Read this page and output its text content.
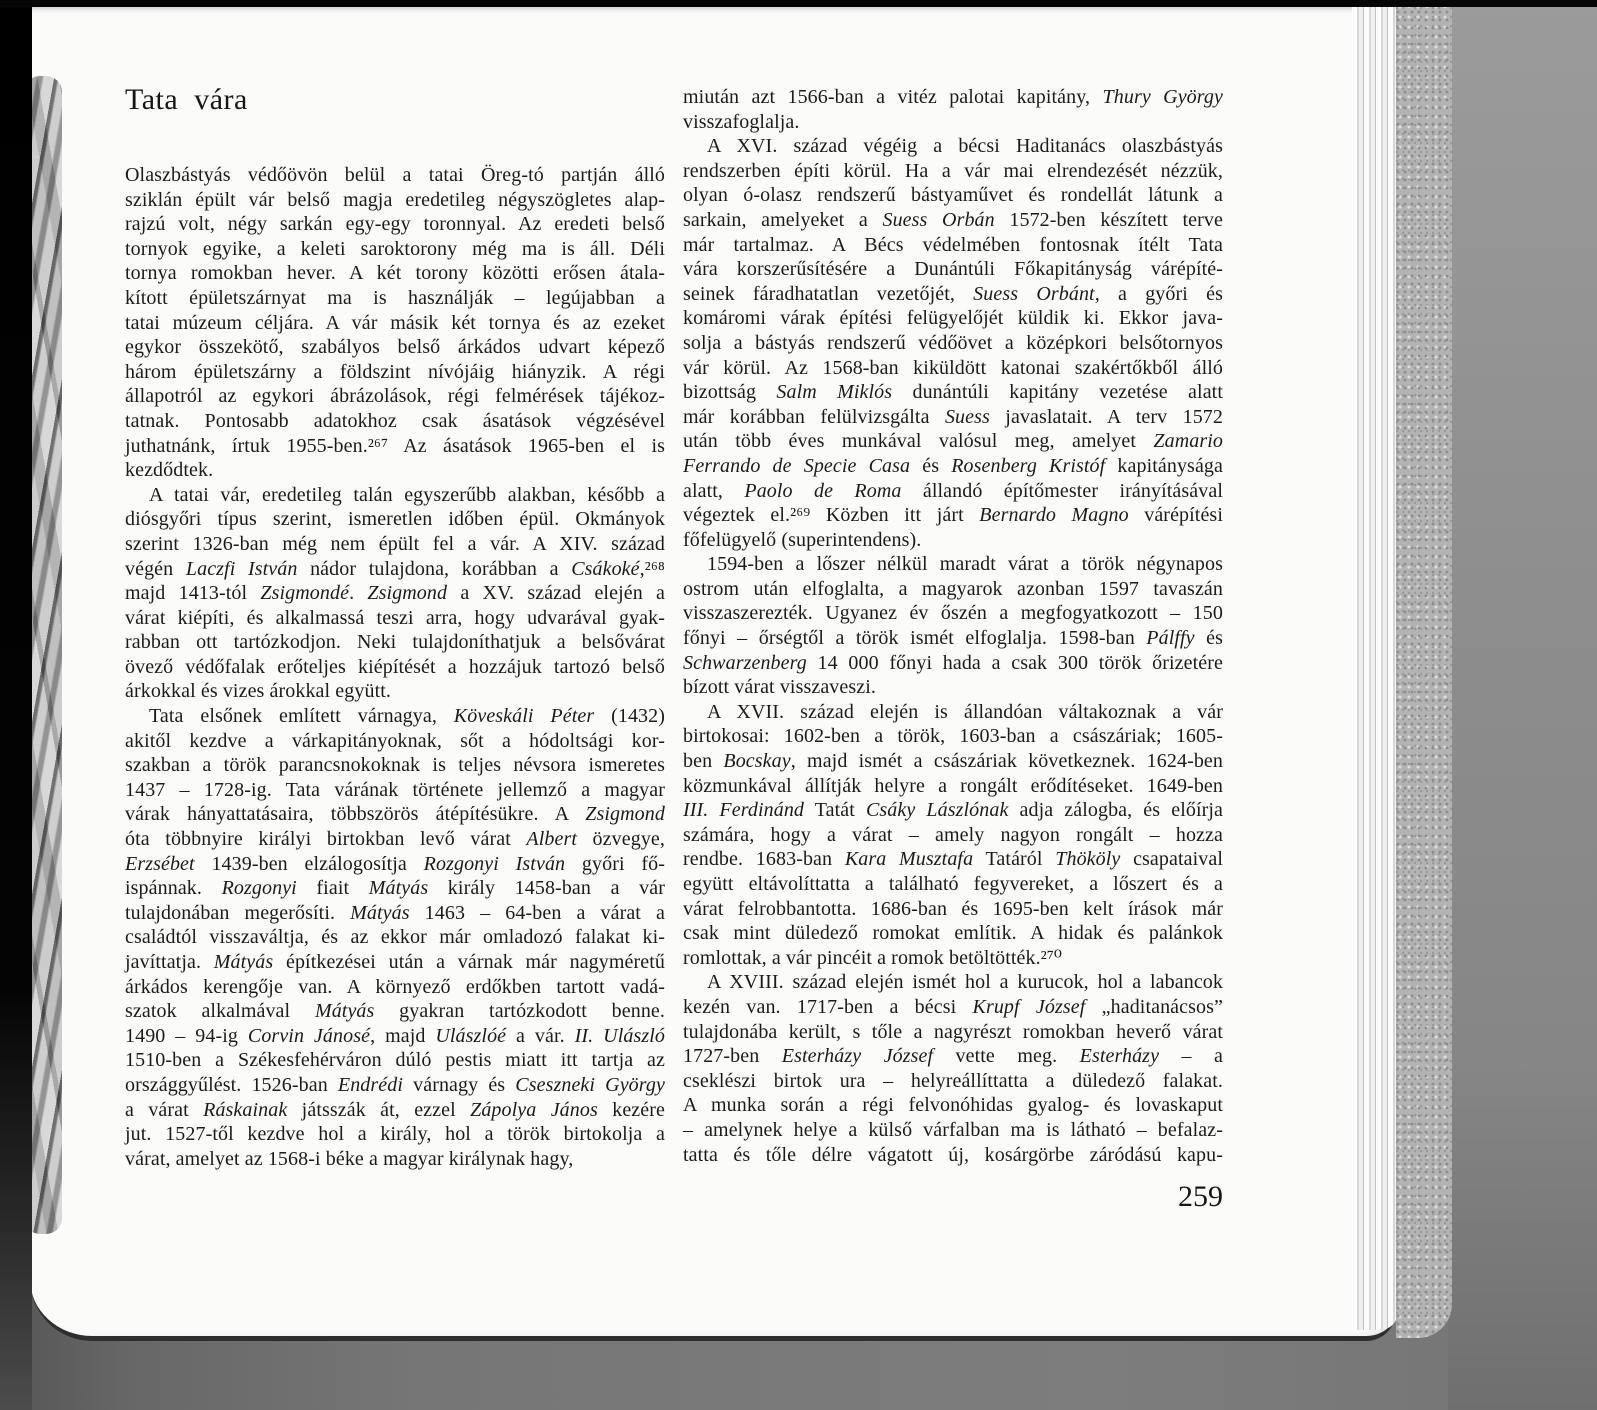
Tata vára
Olaszbástyás védőövön belül a tatai Öreg-tó partján álló
sziklán épült vár belső magja eredetileg négyszögletes alap-
rajzú volt, négy sarkán egy-egy toronnyal. Az eredeti belső
tornyok egyike, a keleti saroktorony még ma is áll. Déli
tornya romokban hever. A két torony közötti erősen átala-
kított épületszárnyat ma is használják – legújabban a
tatai múzeum céljára. A vár másik két tornya és az ezeket
egykor összekötő, szabályos belső árkádos udvart képező
három épületszárny a földszint nívójáig hiányzik. A régi
állapotról az egykori ábrázolások, régi felmérések tájékoz-
tatnak. Pontosabb adatokhoz csak ásatások végzésével
juthatnánk, írtuk 1955-ben.²⁶⁷ Az ásatások 1965-ben el is
kezdődtek.
A tatai vár, eredetileg talán egyszerűbb alakban, később a
diósgyőri típus szerint, ismeretlen időben épül. Okmányok
szerint 1326-ban még nem épült fel a vár. A XIV. század
végén Laczfi István nádor tulajdona, korábban a Csákoké,²⁶⁸
majd 1413-tól Zsigmondé. Zsigmond a XV. század elején a
várat kiépíti, és alkalmassá teszi arra, hogy udvarával gyak-
rabban ott tartózkodjon. Neki tulajdoníthatjuk a belsővárat
övező védőfalak erőteljes kiépítését a hozzájuk tartozó belső
árkokkal és vizes árokkal együtt.
Tata elsőnek említett várnagya, Köveskáli Péter (1432)
akitől kezdve a várkapitányoknak, sőt a hódoltsági kor-
szakban a török parancsnokoknak is teljes névsora ismeretes
1437 – 1728-ig. Tata várának története jellemző a magyar
várak hányattatásaira, többszörös átépítésükre. A Zsigmond
óta többnyire királyi birtokban levő várat Albert özvegye,
Erzsébet 1439-ben elzálogosítja Rozgonyi István győri fő-
ispánnak. Rozgonyi fiait Mátyás király 1458-ban a vár
tulajdonában megerősíti. Mátyás 1463 – 64-ben a várat a
családtól visszaváltja, és az ekkor már omladozó falakat ki-
javíttatja. Mátyás építkezései után a várnak már nagyméretű
árkádos kerengője van. A környező erdőkben tartott vadá-
szatok alkalmával Mátyás gyakran tartózkodott benne.
1490 – 94-ig Corvin Jánosé, majd Ulászlóé a vár. II. Ulászló
1510-ben a Székesfehérváron dúló pestis miatt itt tartja az
országgyűlést. 1526-ban Endrédi várnagy és Cseszneki György
a várat Ráskainak játsszák át, ezzel Zápolya János kezére
jut. 1527-től kezdve hol a király, hol a török birtokolja a
várat, amelyet az 1568-i béke a magyar királynak hagy,
miután azt 1566-ban a vitéz palotai kapitány, Thury György
visszafoglalja.
A XVI. század végéig a bécsi Haditanács olaszbástyás
rendszerben építi körül. Ha a vár mai elrendezését nézzük,
olyan ó-olasz rendszerű bástyaművet és rondellát látunk a
sarkain, amelyeket a Suess Orbán 1572-ben készített terve
már tartalmaz. A Bécs védelmében fontosnak ítélt Tata
vára korszerűsítésére a Dunántúli Főkapitányság várépíté-
seinek fáradhatatlan vezetőjét, Suess Orbánt, a győri és
komáromi várak építési felügyelőjét küldik ki. Ekkor java-
solja a bástyás rendszerű védőövet a középkori belsőtornyos
vár körül. Az 1568-ban kiküldött katonai szakértőkből álló
bizottság Salm Miklós dunántúli kapitány vezetése alatt
már korábban felülvizsgálta Suess javaslatait. A terv 1572
után több éves munkával valósul meg, amelyet Zamario
Ferrando de Specie Casa és Rosenberg Kristóf kapitánysága
alatt, Paolo de Roma állandó építőmester irányításával
végeztek el.²⁶⁹ Közben itt járt Bernardo Magno várépítési
főfelügyelő (superintendens).
1594-ben a lőszer nélkül maradt várat a török négynapos
ostrom után elfoglalta, a magyarok azonban 1597 tavaszán
visszaszerezték. Ugyanez év őszén a megfogyatkozott – 150
főnyi – őrségtől a török ismét elfoglalja. 1598-ban Pálffy és
Schwarzenberg 14 000 főnyi hada a csak 300 török őrizetére
bízott várat visszaveszi.
A XVII. század elején is állandóan váltakoznak a vár
birtokosai: 1602-ben a török, 1603-ban a császáriak; 1605-
ben Bocskay, majd ismét a császáriak következnek. 1624-ben
közmunkával állítják helyre a rongált erődítéseket. 1649-ben
III. Ferdinánd Tatát Csáky Lászlónak adja zálogba, és előírja
számára, hogy a várat – amely nagyon rongált – hozza
rendbe. 1683-ban Kara Musztafa Tatáról Thököly csapataival
együtt eltávolíttatta a található fegyvereket, a lőszert és a
várat felrobbantotta. 1686-ban és 1695-ben kelt írások már
csak mint düledező romokat említik. A hidak és palánkok
romlottak, a vár pincéit a romok betöltötték.²⁷⁰
A XVIII. század elején ismét hol a kurucok, hol a labancok
kezén van. 1717-ben a bécsi Krupf József „haditanácsos”
tulajdonába került, s tőle a nagyrészt romokban heverő várat
1727-ben Esterházy József vette meg. Esterházy – a
cseklészi birtok ura – helyreállíttatta a düledező falakat.
A munka során a régi felvonóhidas gyalog- és lovaskaput
– amelynek helye a külső várfalban ma is látható – befalaz-
tatta és tőle délre vágatott új, kosárgörbe záródású kapu-
259
